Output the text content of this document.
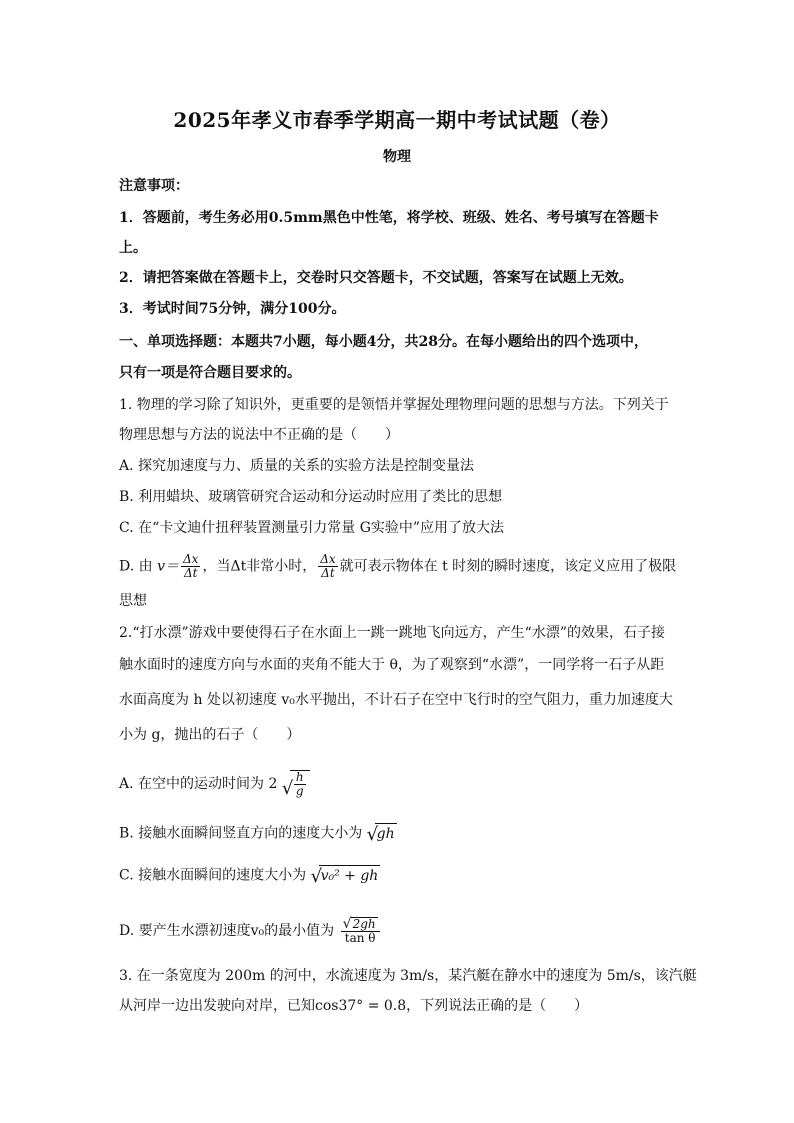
2025年孝义市春季学期高一期中考试试题（卷）
物理
注意事项：
1．答题前，考生务必用0.5mm黑色中性笔，将学校、班级、姓名、考号填写在答题卡
上。
2．请把答案做在答题卡上，交卷时只交答题卡，不交试题，答案写在试题上无效。
3．考试时间75分钟，满分100分。
一、单项选择题：本题共7小题，每小题4分，共28分。在每小题给出的四个选项中，
只有一项是符合题目要求的。
1. 物理的学习除了知识外，更重要的是领悟并掌握处理物理问题的思想与方法。下列关于
物理思想与方法的说法中不正确的是（　　）
A. 探究加速度与力、质量的关系的实验方法是控制变量法
B. 利用蜡块、玻璃管研究合运动和分运动时应用了类比的思想
C. 在“卡文迪什扭秤装置测量引力常量 G实验中”应用了放大法
D. 由 $v= \frac{\Delta x}{\Delta t}$ ，当Δt非常小时， $\frac{\Delta x}{\Delta t}$ 就可表示物体在 t 时刻的瞬时速度，该定义应用了极限
思想
2.“打水漂”游戏中要使得石子在水面上一跳一跳地飞向远方，产生“水漂”的效果，石子接
触水面时的速度方向与水面的夹角不能大于 θ，为了观察到“水漂”，一同学将一石子从距
水面高度为 h 处以初速度 v₀水平抛出，不计石子在空中飞行时的空气阻力，重力加速度大
小为 g，抛出的石子（　　）
A. 在空中的运动时间为 2 √ $\frac{h}{g}$
B. 接触水面瞬间竖直方向的速度大小为 √
gh
C. 接触水面瞬间的速度大小为 √
v₀² + gh
D. 要产生水漂初速度v₀的最小值为 $\frac{√ 2gh}{\text{tan θ}}$
3. 在一条宽度为 200m 的河中，水流速度为 3m/s，某汽艇在静水中的速度为 5m/s，该汽艇
从河岸一边出发驶向对岸，已知cos37° = 0.8，下列说法正确的是（　　）
